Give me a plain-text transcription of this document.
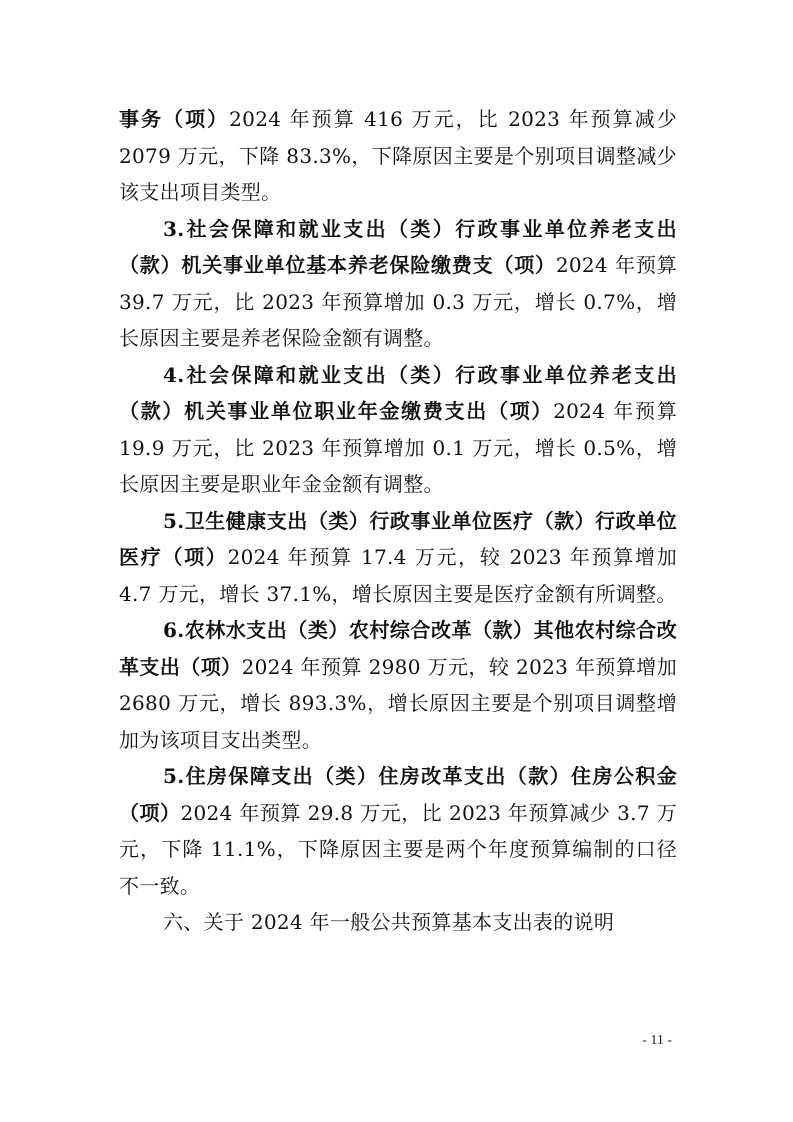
事务（项）2024 年预算 416 万元，比 2023 年预算减少 2079 万元，下降 83.3%，下降原因主要是个别项目调整减少该支出项目类型。

3.社会保障和就业支出（类）行政事业单位养老支出（款）机关事业单位基本养老保险缴费支（项）2024 年预算 39.7 万元，比 2023 年预算增加 0.3 万元，增长 0.7%，增长原因主要是养老保险金额有调整。

4.社会保障和就业支出（类）行政事业单位养老支出（款）机关事业单位职业年金缴费支出（项）2024 年预算 19.9 万元，比 2023 年预算增加 0.1 万元，增长 0.5%，增长原因主要是职业年金金额有调整。

5.卫生健康支出（类）行政事业单位医疗（款）行政单位医疗（项）2024 年预算 17.4 万元，较 2023 年预算增加 4.7 万元，增长 37.1%，增长原因主要是医疗金额有所调整。

6.农林水支出（类）农村综合改革（款）其他农村综合改革支出（项）2024 年预算 2980 万元，较 2023 年预算增加 2680 万元，增长 893.3%，增长原因主要是个别项目调整增加为该项目支出类型。

5.住房保障支出（类）住房改革支出（款）住房公积金（项）2024 年预算 29.8 万元，比 2023 年预算减少 3.7 万元，下降 11.1%，下降原因主要是两个年度预算编制的口径不一致。

六、关于 2024 年一般公共预算基本支出表的说明

- 11 -
